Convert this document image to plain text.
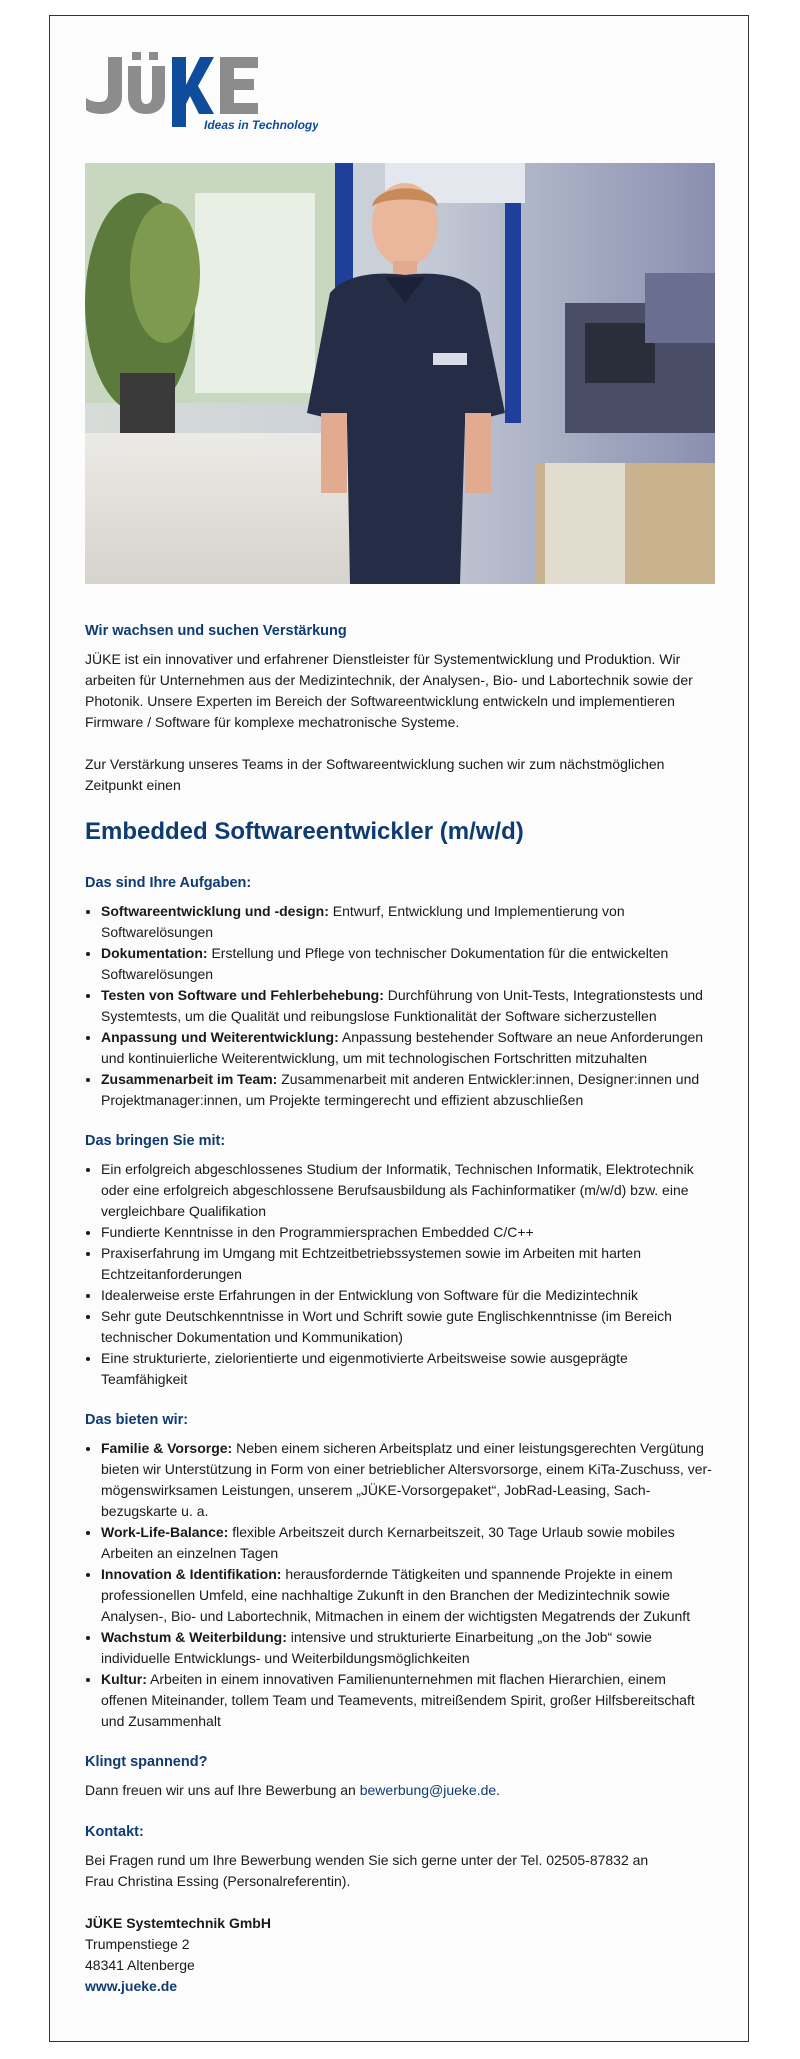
Ideas in Technology
Wir wachsen und suchen Verstärkung

JÜKE ist ein innovativer und erfahrener Dienstleister für Systementwicklung und Produktion. Wir arbeiten für Unternehmen aus der Medizintechnik, der Analysen-, Bio- und Labortechnik sowie der Photonik. Unsere Experten im Bereich der Softwareentwicklung entwickeln und implementieren Firmware / Software für komplexe mechatronische Systeme.

Zur Verstärkung unseres Teams in der Softwareentwicklung suchen wir zum nächstmöglichen Zeitpunkt einen

Embedded Softwareentwickler (m/w/d)
Das sind Ihre Aufgaben:
• Softwareentwicklung und -design: Entwurf, Entwicklung und Implementierung von Softwarelösungen
• Dokumentation: Erstellung und Pflege von technischer Dokumentation für die entwickelten Softwarelösungen
• Testen von Software und Fehlerbehebung: Durchführung von Unit-Tests, Integrationstests und Systemtests, um die Qualität und reibungslose Funktionalität der Software sicherzustellen
• Anpassung und Weiterentwicklung: Anpassung bestehender Software an neue Anforderungen und kontinuierliche Weiterentwicklung, um mit technologischen Fortschritten mitzuhalten
• Zusammenarbeit im Team: Zusammenarbeit mit anderen Entwickler:innen, Designer:innen und Projektmanager:innen, um Projekte termingerecht und effizient abzuschließen
Das bringen Sie mit:
• Ein erfolgreich abgeschlossenes Studium der Informatik, Technischen Informatik, Elektrotechnik oder eine erfolgreich abgeschlossene Berufsausbildung als Fachinformatiker (m/w/d) bzw. eine vergleichbare Qualifikation
• Fundierte Kenntnisse in den Programmiersprachen Embedded C/C++
• Praxiserfahrung im Umgang mit Echtzeitbetriebssystemen sowie im Arbeiten mit harten Echtzeitanforderungen
• Idealerweise erste Erfahrungen in der Entwicklung von Software für die Medizintechnik
• Sehr gute Deutschkenntnisse in Wort und Schrift sowie gute Englischkenntnisse (im Bereich technischer Dokumentation und Kommunikation)
• Eine strukturierte, zielorientierte und eigenmotivierte Arbeitsweise sowie ausgeprägte Teamfähigkeit
Das bieten wir:
• Familie & Vorsorge: Neben einem sicheren Arbeitsplatz und einer leistungsgerechten Vergütung bieten wir Unterstützung in Form von einer betrieblicher Altersvorsorge, einem KiTa-Zuschuss, ver-mögenswirksamen Leistungen, unserem „JÜKE-Vorsorgepaket“, JobRad-Leasing, Sach-bezugskarte u. a.
• Work-Life-Balance: flexible Arbeitszeit durch Kernarbeitszeit, 30 Tage Urlaub sowie mobiles Arbeiten an einzelnen Tagen
• Innovation & Identifikation: herausfordernde Tätigkeiten und spannende Projekte in einem professionellen Umfeld, eine nachhaltige Zukunft in den Branchen der Medizintechnik sowie Analysen-, Bio- und Labortechnik, Mitmachen in einem der wichtigsten Megatrends der Zukunft
• Wachstum & Weiterbildung: intensive und strukturierte Einarbeitung „on the Job“ sowie individuelle Entwicklungs- und Weiterbildungsmöglichkeiten
• Kultur: Arbeiten in einem innovativen Familienunternehmen mit flachen Hierarchien, einem offenen Miteinander, tollem Team und Teamevents, mitreißendem Spirit, großer Hilfsbereitschaft und Zusammenhalt
Klingt spannend?

Dann freuen wir uns auf Ihre Bewerbung an bewerbung@jueke.de.

Kontakt:

Bei Fragen rund um Ihre Bewerbung wenden Sie sich gerne unter der Tel. 02505-87832 an

Frau Christina Essing (Personalreferentin).

JÜKE Systemtechnik GmbH
Trumpenstiege 2
48341 Altenberge
www.jueke.de
